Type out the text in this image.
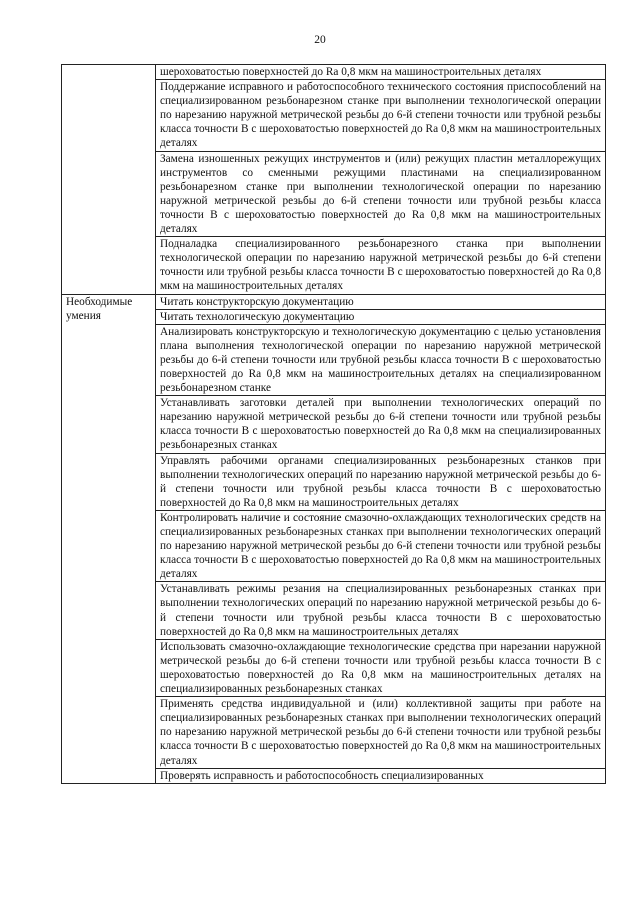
20
	шероховатостью поверхностей до Ra 0,8 мкм на машиностроительных деталях
	Поддержание исправного и работоспособного технического состояния приспособлений на специализированном резьбонарезном станке при выполнении технологической операции по нарезанию наружной метрической резьбы до 6-й степени точности или трубной резьбы класса точности В с шероховатостью поверхностей до Ra 0,8 мкм на машиностроительных деталях
	Замена изношенных режущих инструментов и (или) режущих пластин металлорежущих инструментов со сменными режущими пластинами на специализированном резьбонарезном станке при выполнении технологической операции по нарезанию наружной метрической резьбы до 6-й степени точности или трубной резьбы класса точности В с шероховатостью поверхностей до Ra 0,8 мкм на машиностроительных деталях
	Подналадка специализированного резьбонарезного станка при выполнении технологической операции по нарезанию наружной метрической резьбы до 6-й степени точности или трубной резьбы класса точности В с шероховатостью поверхностей до Ra 0,8 мкм на машиностроительных деталях
Необходимые умения	Читать конструкторскую документацию
	Читать технологическую документацию
	Анализировать конструкторскую и технологическую документацию с целью установления плана выполнения технологической операции по нарезанию наружной метрической резьбы до 6-й степени точности или трубной резьбы класса точности В с шероховатостью поверхностей до Ra 0,8 мкм на машиностроительных деталях на специализированном резьбонарезном станке
	Устанавливать заготовки деталей при выполнении технологических операций по нарезанию наружной метрической резьбы до 6-й степени точности или трубной резьбы класса точности В с шероховатостью поверхностей до Ra 0,8 мкм на специализированных резьбонарезных станках
	Управлять рабочими органами специализированных резьбонарезных станков при выполнении технологических операций по нарезанию наружной метрической резьбы до 6-й степени точности или трубной резьбы класса точности В с шероховатостью поверхностей до Ra 0,8 мкм на машиностроительных деталях
	Контролировать наличие и состояние смазочно-охлаждающих технологических средств на специализированных резьбонарезных станках при выполнении технологических операций по нарезанию наружной метрической резьбы до 6-й степени точности или трубной резьбы класса точности В с шероховатостью поверхностей до Ra 0,8 мкм на машиностроительных деталях
	Устанавливать режимы резания на специализированных резьбонарезных станках при выполнении технологических операций по нарезанию наружной метрической резьбы до 6-й степени точности или трубной резьбы класса точности В с шероховатостью поверхностей до Ra 0,8 мкм на машиностроительных деталях
	Использовать смазочно-охлаждающие технологические средства при нарезании наружной метрической резьбы до 6-й степени точности или трубной резьбы класса точности В с шероховатостью поверхностей до Ra 0,8 мкм на машиностроительных деталях на специализированных резьбонарезных станках
	Применять средства индивидуальной и (или) коллективной защиты при работе на специализированных резьбонарезных станках при выполнении технологических операций по нарезанию наружной метрической резьбы до 6-й степени точности или трубной резьбы класса точности В с шероховатостью поверхностей до Ra 0,8 мкм на машиностроительных деталях
	Проверять исправность и работоспособность специализированных
